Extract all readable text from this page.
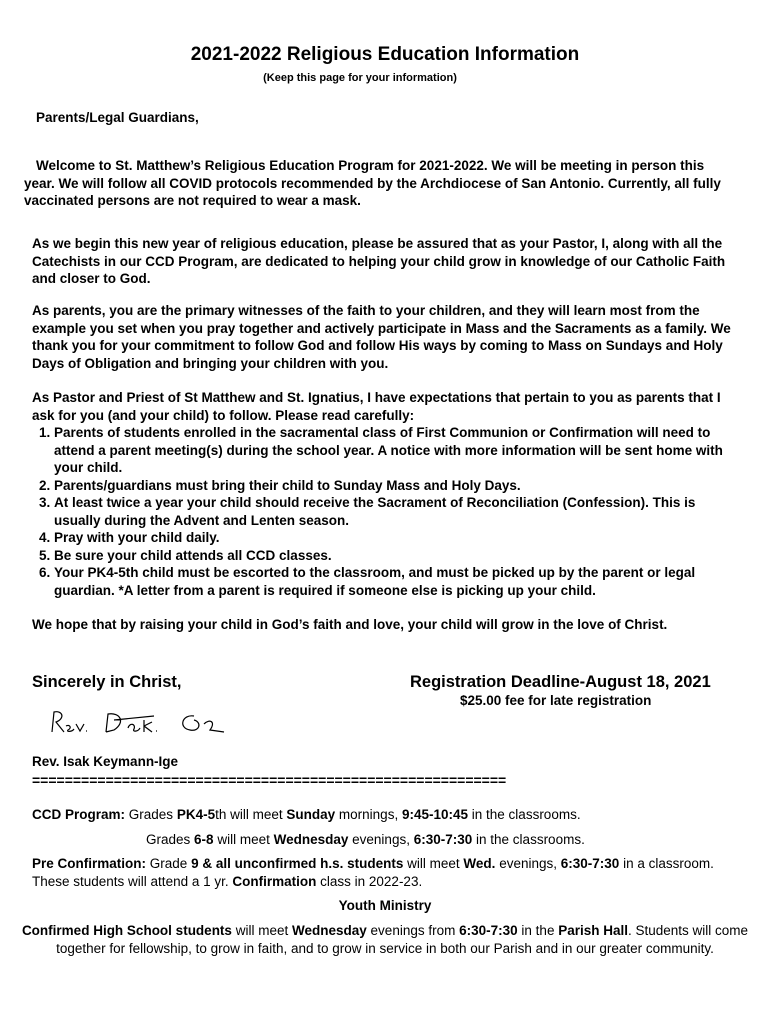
2021-2022 Religious Education Information
(Keep this page for your information)
Parents/Legal Guardians,
Welcome to St. Matthew’s Religious Education Program for 2021-2022. We will be meeting in person this year. We will follow all COVID protocols recommended by the Archdiocese of San Antonio. Currently, all fully vaccinated persons are not required to wear a mask.
As we begin this new year of religious education, please be assured that as your Pastor, I, along with all the Catechists in our CCD Program, are dedicated to helping your child grow in knowledge of our Catholic Faith and closer to God.
As parents, you are the primary witnesses of the faith to your children, and they will learn most from the example you set when you pray together and actively participate in Mass and the Sacraments as a family. We thank you for your commitment to follow God and follow His ways by coming to Mass on Sundays and Holy Days of Obligation and bringing your children with you.
As Pastor and Priest of St Matthew and St. Ignatius, I have expectations that pertain to you as parents that I ask for you (and your child) to follow. Please read carefully:
1. Parents of students enrolled in the sacramental class of First Communion or Confirmation will need to attend a parent meeting(s) during the school year. A notice with more information will be sent home with your child.
2. Parents/guardians must bring their child to Sunday Mass and Holy Days.
3. At least twice a year your child should receive the Sacrament of Reconciliation (Confession). This is usually during the Advent and Lenten season.
4. Pray with your child daily.
5. Be sure your child attends all CCD classes.
6. Your PK4-5th child must be escorted to the classroom, and must be picked up by the parent or legal guardian. *A letter from a parent is required if someone else is picking up your child.
We hope that by raising your child in God’s faith and love, your child will grow in the love of Christ.
Sincerely in Christ,	Registration Deadline-August 18, 2021
$25.00 fee for late registration
Rev. Isak Keymann-Ige
==========================================================
CCD Program: Grades PK4-5th will meet Sunday mornings, 9:45-10:45 in the classrooms.
Grades 6-8 will meet Wednesday evenings, 6:30-7:30 in the classrooms.
Pre Confirmation: Grade 9 & all unconfirmed h.s. students will meet Wed. evenings, 6:30-7:30 in a classroom. These students will attend a 1 yr. Confirmation class in 2022-23.
Youth Ministry
Confirmed High School students will meet Wednesday evenings from 6:30-7:30 in the Parish Hall. Students will come together for fellowship, to grow in faith, and to grow in service in both our Parish and in our greater community.
